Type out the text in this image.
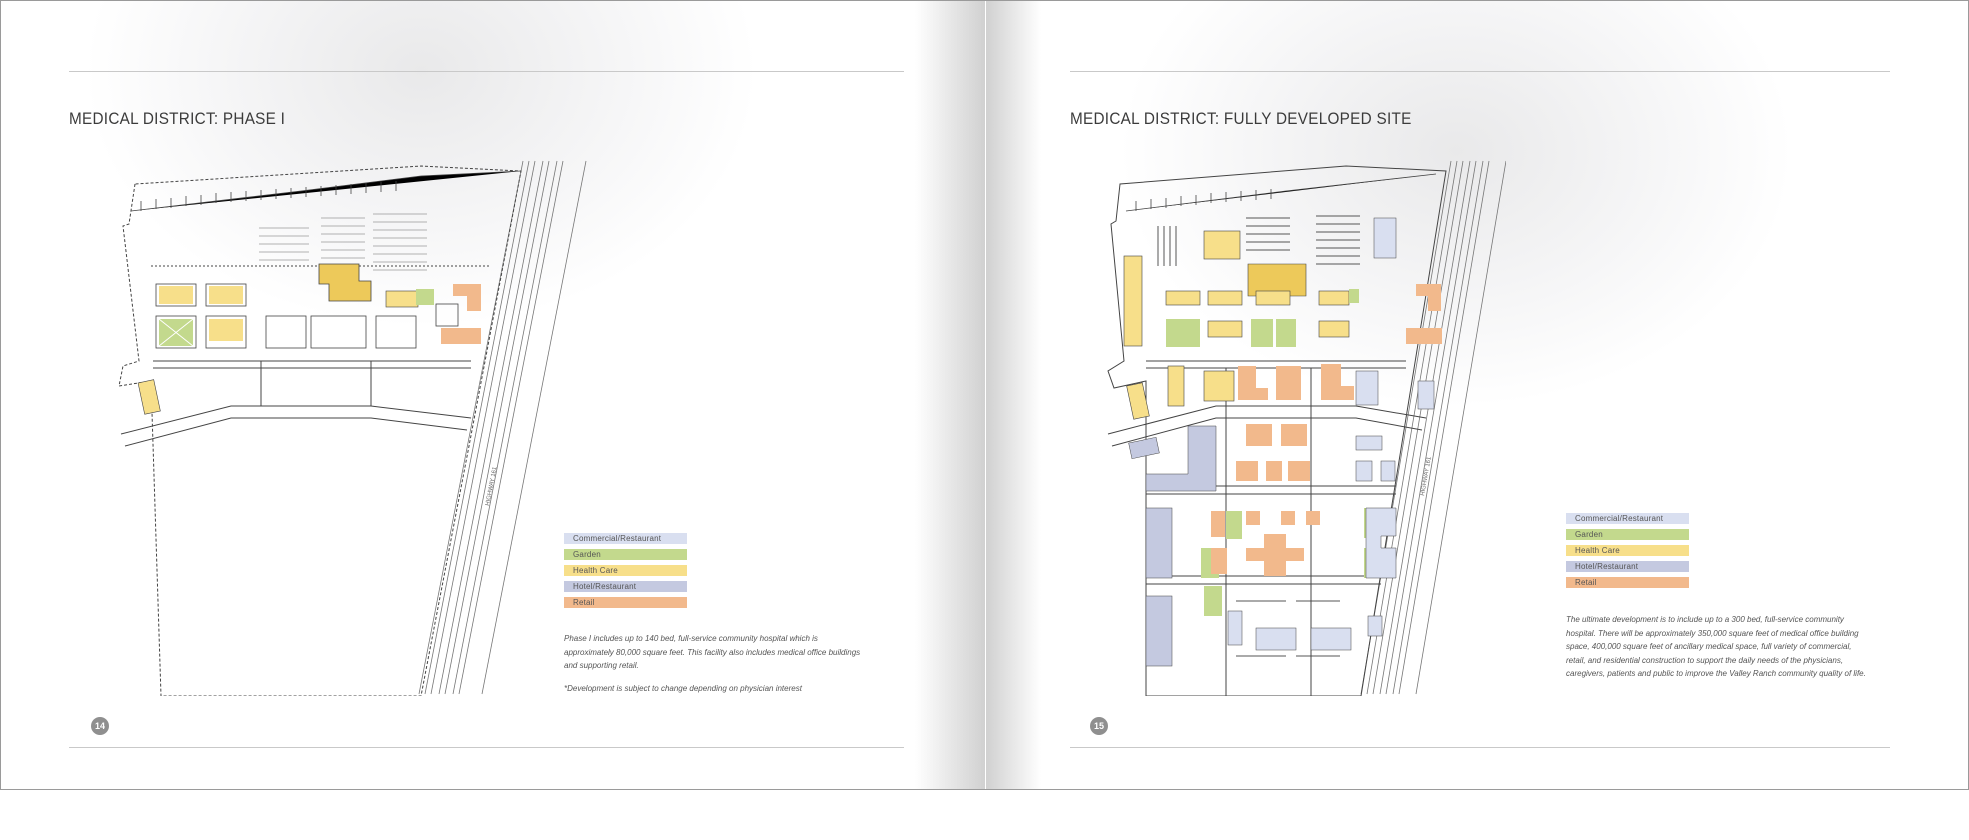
MEDICAL DISTRICT: PHASE I
HIGHWAY 161
Commercial/Restaurant
Garden
Health Care
Hotel/Restaurant
Retail
Phase I includes up to 140 bed, full-service community hospital which is approximately 80,000 square feet. This facility also includes medical office buildings and supporting retail.
*Development is subject to change depending on physician interest
14
MEDICAL DISTRICT: FULLY DEVELOPED SITE
HIGHWAY 161
Commercial/Restaurant
Garden
Health Care
Hotel/Restaurant
Retail
The ultimate development is to include up to a 300 bed, full-service community hospital. There will be approximately 350,000 square feet of medical office building space, 400,000 square feet of ancillary medical space, full variety of commercial, retail, and residential construction to support the daily needs of the physicians, caregivers, patients and public to improve the Valley Ranch community quality of life.
15
